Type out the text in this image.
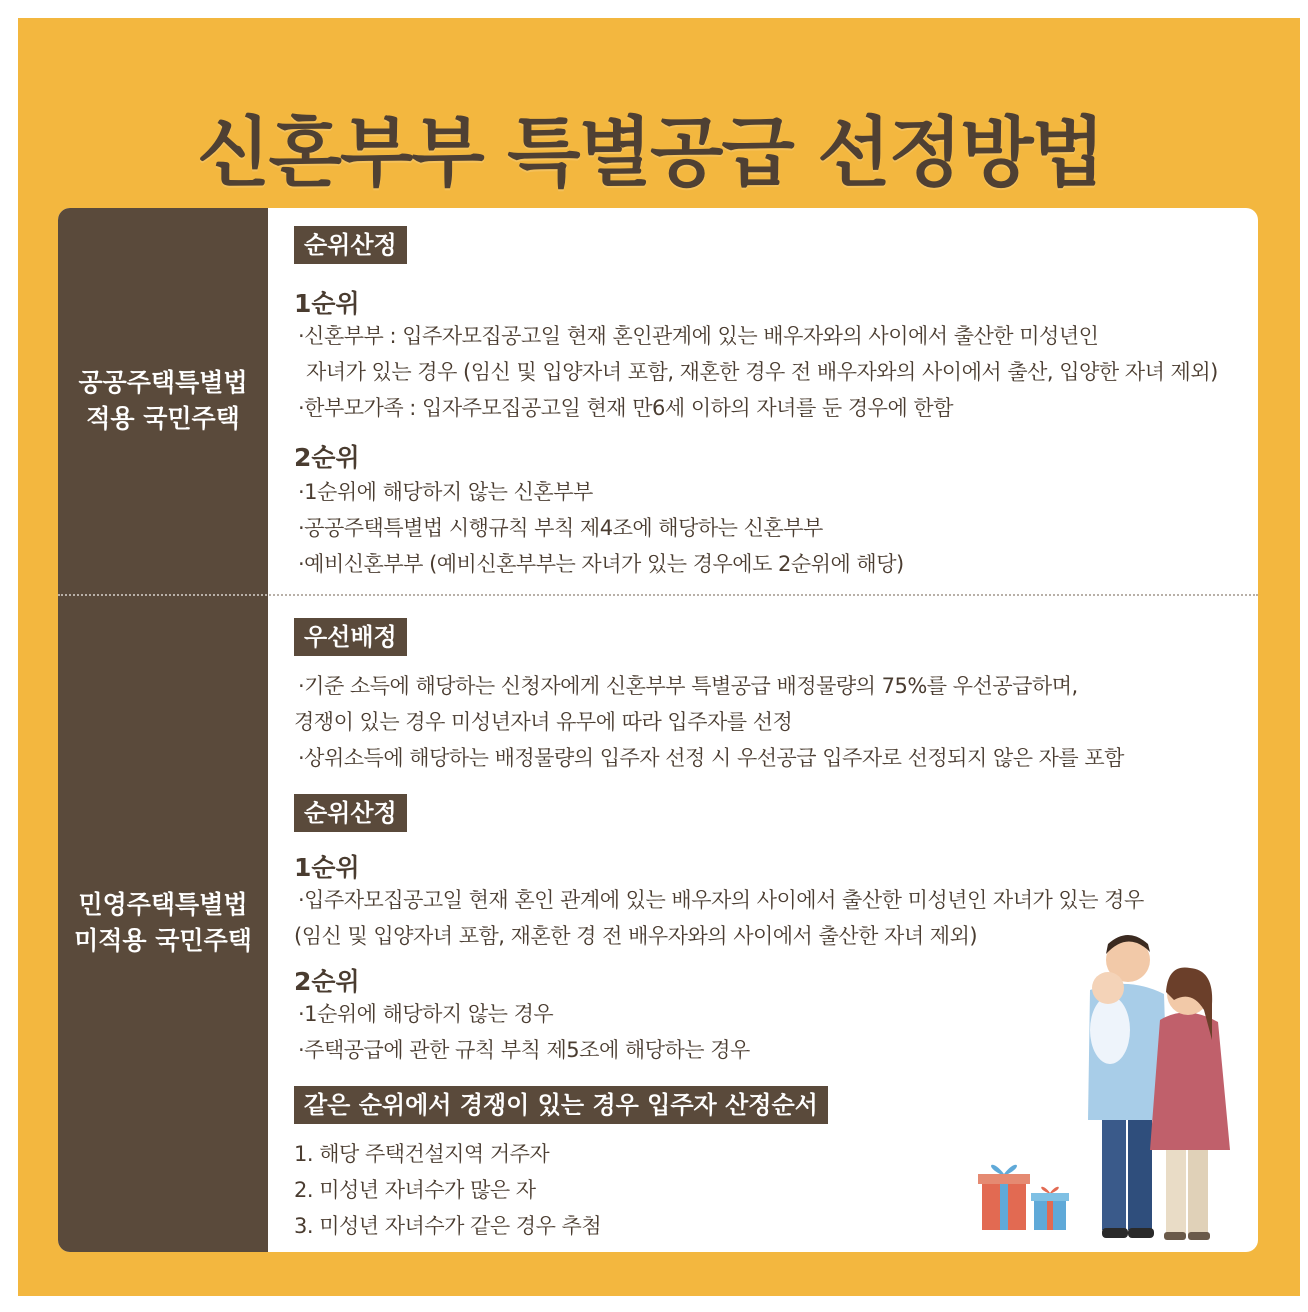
신혼부부 특별공급 선정방법
공공주택특별법
적용 국민주택
민영주택특별법
미적용 국민주택
순위산정
1순위
·신혼부부 : 입주자모집공고일 현재 혼인관계에 있는 배우자와의 사이에서 출산한 미성년인
자녀가 있는 경우 (임신 및 입양자녀 포함, 재혼한 경우 전 배우자와의 사이에서 출산, 입양한 자녀 제외)
·한부모가족 : 입자주모집공고일 현재 만6세 이하의 자녀를 둔 경우에 한함
2순위
·1순위에 해당하지 않는 신혼부부
·공공주택특별법 시행규칙 부칙 제4조에 해당하는 신혼부부
·예비신혼부부 (예비신혼부부는 자녀가 있는 경우에도 2순위에 해당)
우선배정
·기준 소득에 해당하는 신청자에게 신혼부부 특별공급 배정물량의 75%를 우선공급하며,
경쟁이 있는 경우 미성년자녀 유무에 따라 입주자를 선정
·상위소득에 해당하는 배정물량의 입주자 선정 시 우선공급 입주자로 선정되지 않은 자를 포함
순위산정
1순위
·입주자모집공고일 현재 혼인 관계에 있는 배우자의 사이에서 출산한 미성년인 자녀가 있는 경우
(임신 및 입양자녀 포함, 재혼한 경 전 배우자와의 사이에서 출산한 자녀 제외)
2순위
·1순위에 해당하지 않는 경우
·주택공급에 관한 규칙 부칙 제5조에 해당하는 경우
같은 순위에서 경쟁이 있는 경우 입주자 산정순서
1. 해당 주택건설지역 거주자
2. 미성년 자녀수가 많은 자
3. 미성년 자녀수가 같은 경우 추첨
